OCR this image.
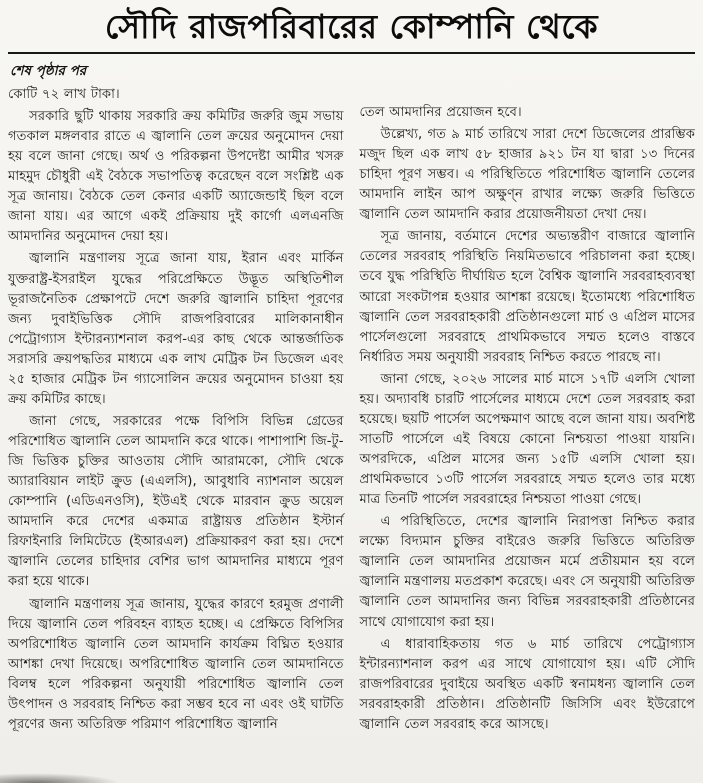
সৌদি রাজপরিবারের কোম্পানি থেকে
শেষ পৃষ্ঠার পর

কোটি ৭২ লাখ টাকা।

সরকারি ছুটি থাকায় সরকারি ক্রয় কমিটির জরুরি জুম সভায় গতকাল মঙ্গলবার রাতে এ জ্বালানি তেল ক্রয়ের অনুমোদন দেয়া হয় বলে জানা গেছে। অর্থ ও পরিকল্পনা উপদেষ্টা আমীর খসরু মাহমুদ চৌধুরী এই বৈঠকে সভাপতিত্ব করেছেন বলে সংশ্লিষ্ট এক সূত্র জানায়। বৈঠকে তেল কেনার একটি অ্যাজেন্ডাই ছিল বলে জানা যায়। এর আগে একই প্রক্রিয়ায় দুই কার্গো এলএনজি আমদানির অনুমোদন দেয়া হয়।

জ্বালানি মন্ত্রণালয় সূত্রে জানা যায়, ইরান এবং মার্কিন যুক্তরাষ্ট্র-ইসরাইল যুদ্ধের পরিপ্রেক্ষিতে উদ্ভূত অস্থিতিশীল ভূরাজনৈতিক প্রেক্ষাপটে দেশে জরুরি জ্বালানি চাহিদা পূরণের জন্য দুবাইভিত্তিক সৌদি রাজপরিবারের মালিকানাধীন পেট্রোগ্যাস ইন্টারন্যাশনাল করপ-এর কাছ থেকে আন্তর্জাতিক সরাসরি ক্রয়পদ্ধতির মাধ্যমে এক লাখ মেট্রিক টন ডিজেল এবং ২৫ হাজার মেট্রিক টন গ্যাসোলিন ক্রয়ের অনুমোদন চাওয়া হয় ক্রয় কমিটির কাছে।

জানা গেছে, সরকারের পক্ষে বিপিসি বিভিন্ন গ্রেডের পরিশোধিত জ্বালানি তেল আমদানি করে থাকে। পাশাপাশি জি-টু-জি ভিত্তিক চুক্তির আওতায় সৌদি আরামকো, সৌদি থেকে অ্যারাবিয়ান লাইট ক্রুড (এএলসি), আবুধাবি ন্যাশনাল অয়েল কোম্পানি (এডিএনওসি), ইউএই থেকে মারবান ক্রুড অয়েল আমদানি করে দেশের একমাত্র রাষ্ট্রায়ত্ত প্রতিষ্ঠান ইস্টার্ন রিফাইনারি লিমিটেডে (ইআরএল) প্রক্রিয়াকরণ করা হয়। দেশে জ্বালানি তেলের চাহিদার বেশির ভাগ আমদানির মাধ্যমে পূরণ করা হয়ে থাকে।

জ্বালানি মন্ত্রণালয় সূত্র জানায়, যুদ্ধের কারণে হরমুজ প্রণালী দিয়ে জ্বালানি তেল পরিবহন ব্যাহত হচ্ছে। এ প্রেক্ষিতে বিপিসির অপরিশোধিত জ্বালানি তেল আমদানি কার্যক্রম বিঘ্নিত হওয়ার আশঙ্কা দেখা দিয়েছে। অপরিশোধিত জ্বালানি তেল আমদানিতে বিলম্ব হলে পরিকল্পনা অনুযায়ী পরিশোধিত জ্বালানি তেল উৎপাদন ও সরবরাহ নিশ্চিত করা সম্ভব হবে না এবং ওই ঘাটতি পূরণের জন্য অতিরিক্ত পরিমাণ পরিশোধিত জ্বালানি

তেল আমদানির প্রয়োজন হবে।

উল্লেখ্য, গত ৯ মার্চ তারিখে সারা দেশে ডিজেলের প্রারম্ভিক মজুদ ছিল এক লাখ ৫৮ হাজার ৯২১ টন যা দ্বারা ১৩ দিনের চাহিদা পূরণ সম্ভব। এ পরিস্থিতিতে পরিশোধিত জ্বালানি তেলের আমদানি লাইন আপ অক্ষুণ্ন রাখার লক্ষ্যে জরুরি ভিত্তিতে জ্বালানি তেল আমদানি করার প্রয়োজনীয়তা দেখা দেয়।

সূত্র জানায়, বর্তমানে দেশের অভ্যন্তরীণ বাজারে জ্বালানি তেলের সরবরাহ পরিস্থিতি নিয়মিতভাবে পরিচালনা করা হচ্ছে। তবে যুদ্ধ পরিস্থিতি দীর্ঘায়িত হলে বৈশ্বিক জ্বালানি সরবরাহব্যবস্থা আরো সংকটাপন্ন হওয়ার আশঙ্কা রয়েছে। ইতোমধ্যে পরিশোধিত জ্বালানি তেল সরবরাহকারী প্রতিষ্ঠানগুলো মার্চ ও এপ্রিল মাসের পার্সেলগুলো সরবরাহে প্রাথমিকভাবে সম্মত হলেও বাস্তবে নির্ধারিত সময় অনুযায়ী সরবরাহ নিশ্চিত করতে পারছে না।

জানা গেছে, ২০২৬ সালের মার্চ মাসে ১৭টি এলসি খোলা হয়। অদ্যাবধি চারটি পার্সেলের মাধ্যমে দেশে তেল সরবরাহ করা হয়েছে। ছয়টি পার্সেল অপেক্ষমাণ আছে বলে জানা যায়। অবশিষ্ট সাতটি পার্সেলে এই বিষয়ে কোনো নিশ্চয়তা পাওয়া যায়নি। অপরদিকে, এপ্রিল মাসের জন্য ১৫টি এলসি খোলা হয়। প্রাথমিকভাবে ১৩টি পার্সেল সরবরাহে সম্মত হলেও তার মধ্যে মাত্র তিনটি পার্সেল সরবরাহের নিশ্চয়তা পাওয়া গেছে।

এ পরিস্থিতিতে, দেশের জ্বালানি নিরাপত্তা নিশ্চিত করার লক্ষ্যে বিদ্যমান চুক্তির বাইরেও জরুরি ভিত্তিতে অতিরিক্ত জ্বালানি তেল আমদানির প্রয়োজন মর্মে প্রতীয়মান হয় বলে জ্বালানি মন্ত্রণালয় মতপ্রকাশ করেছে। এবং সে অনুযায়ী অতিরিক্ত জ্বালানি তেল আমদানির জন্য বিভিন্ন সরবরাহকারী প্রতিষ্ঠানের সাথে যোগাযোগ করা হয়।

এ ধারাবাহিকতায় গত ৬ মার্চ তারিখে পেট্রোগ্যাস ইন্টারন্যাশনাল করপ এর সাথে যোগাযোগ হয়। এটি সৌদি রাজপরিবারের দুবাইয়ে অবস্থিত একটি স্বনামধন্য জ্বালানি তেল সরবরাহকারী প্রতিষ্ঠান। প্রতিষ্ঠানটি জিসিসি এবং ইউরোপে জ্বালানি তেল সরবরাহ করে আসছে।
